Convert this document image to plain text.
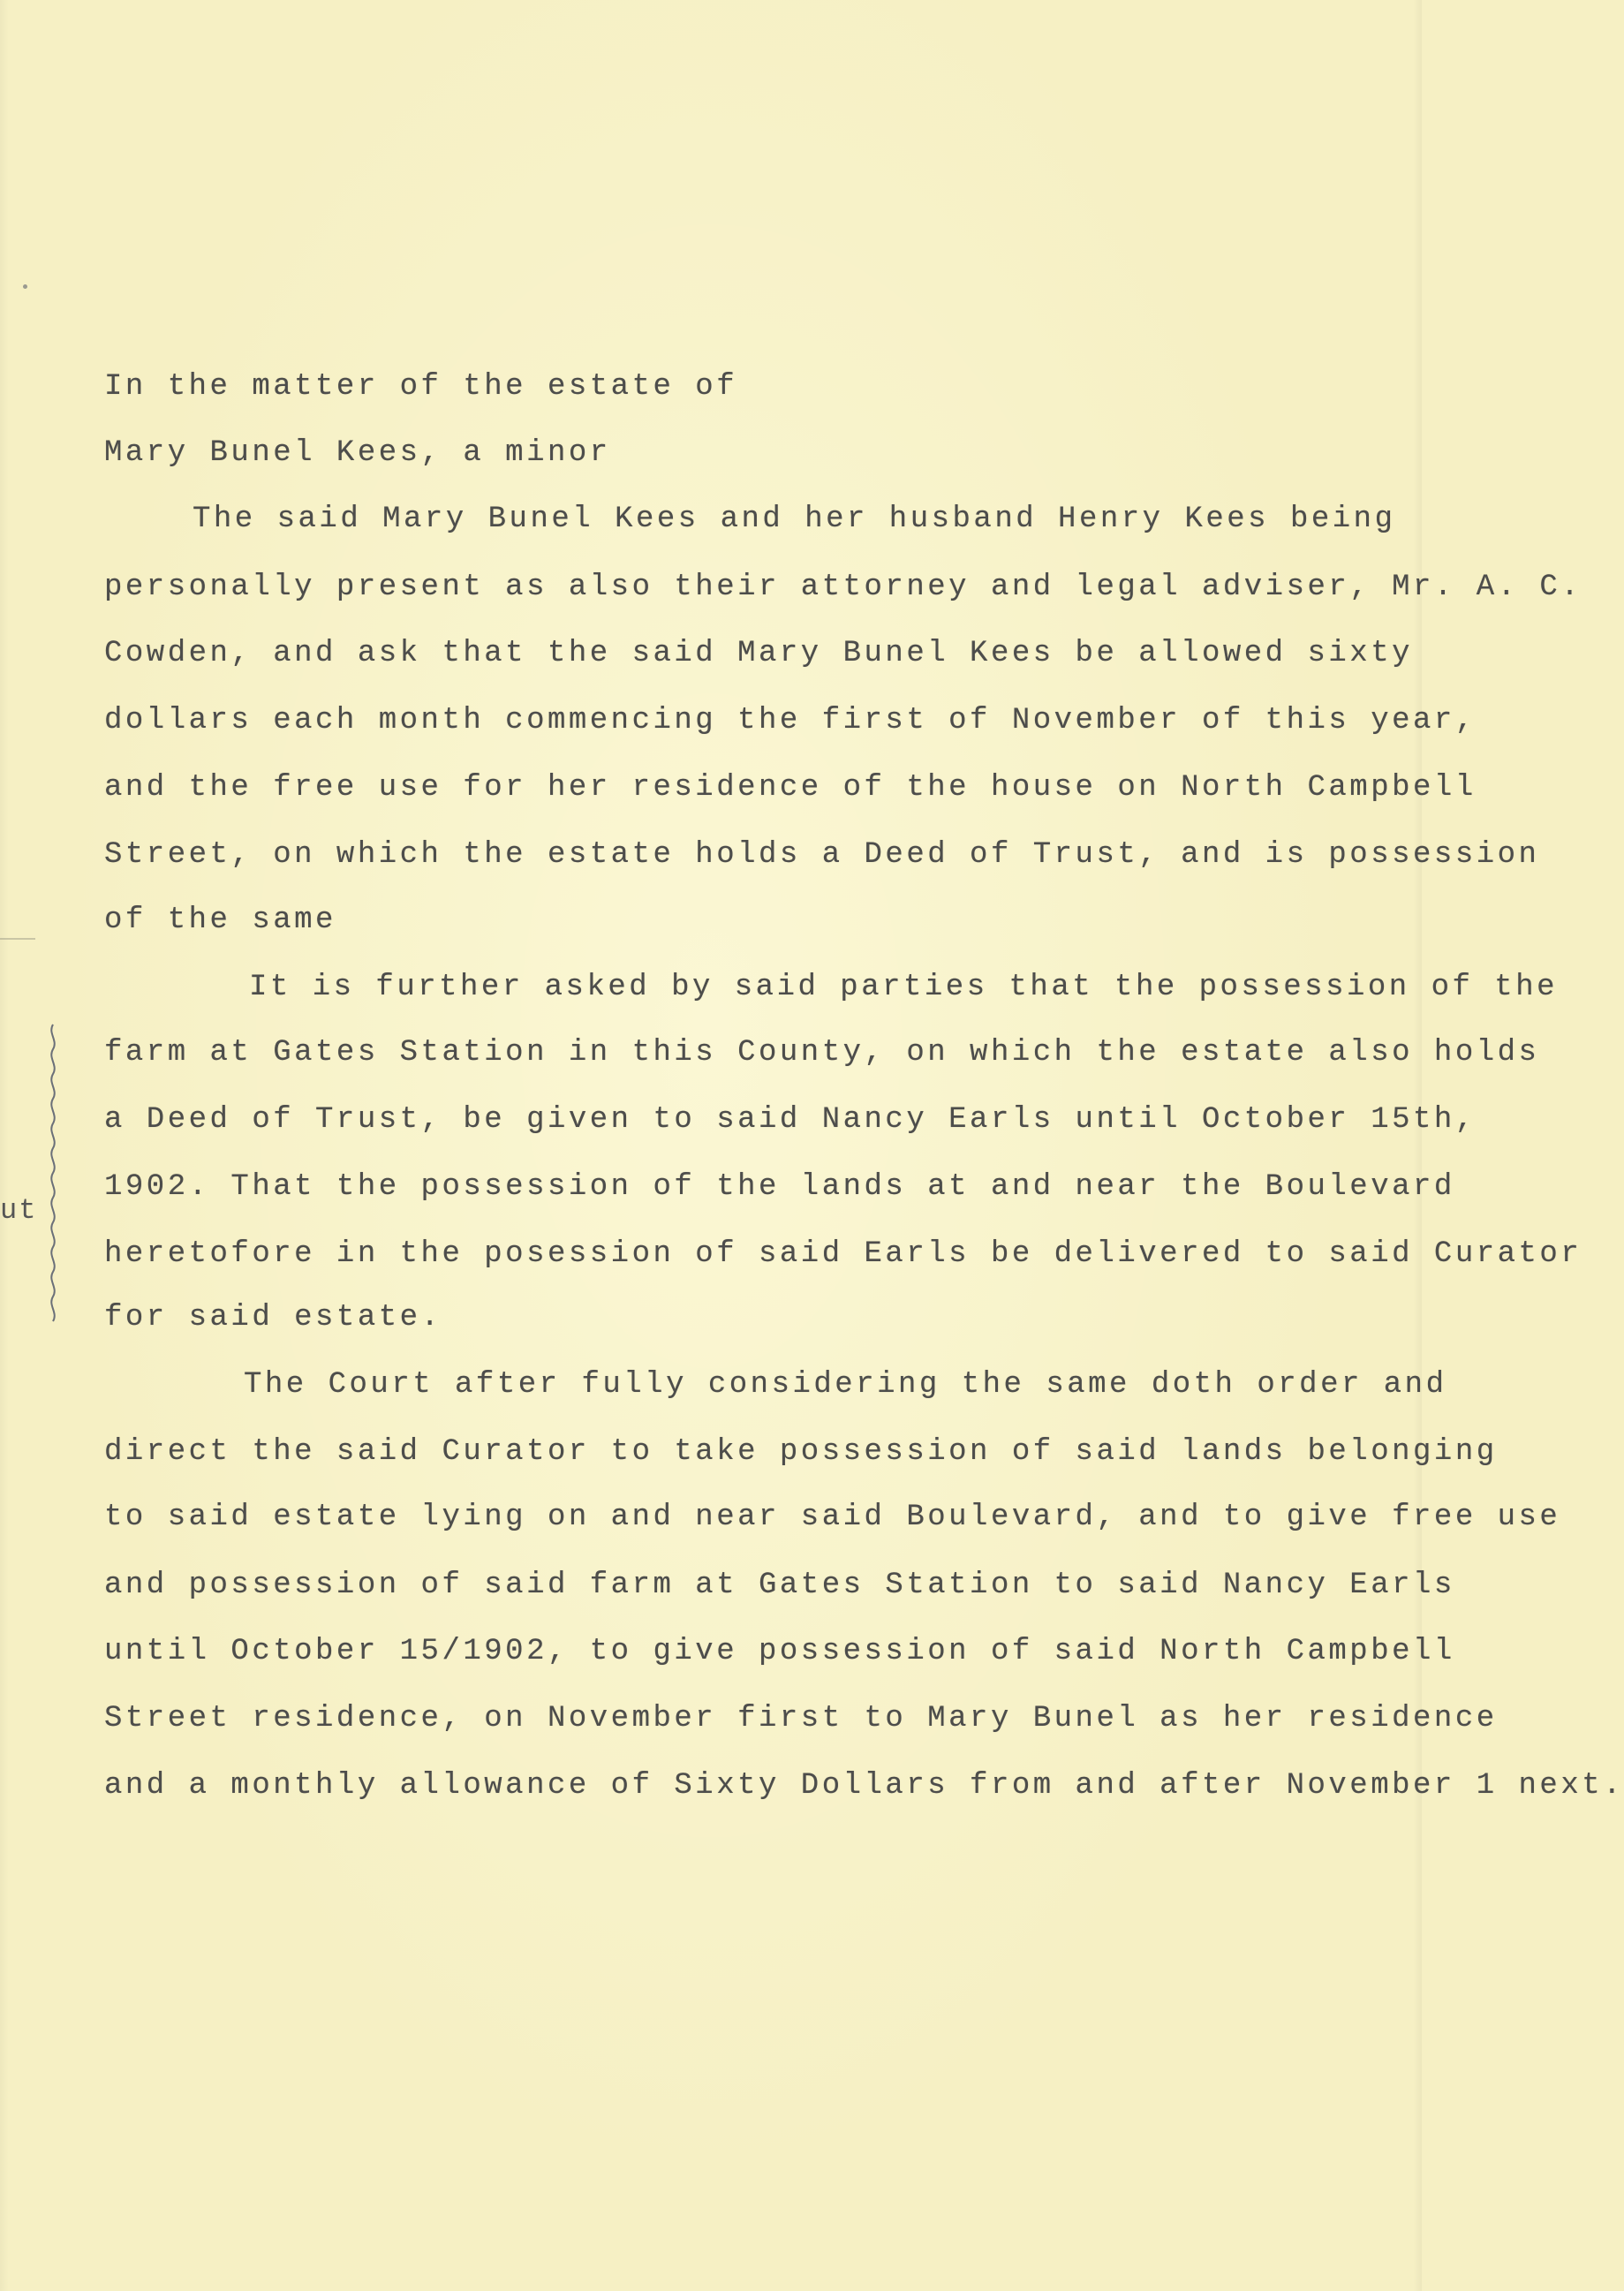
In the matter of the estate of
Mary Bunel Kees, a minor
The said Mary Bunel Kees and her husband Henry Kees being
personally present as also their attorney and legal adviser, Mr. A. C.
Cowden, and ask that the said Mary Bunel Kees be allowed sixty
dollars each month commencing the first of November of this year,
and the free use for her residence of the house on North Campbell
Street, on which the estate holds a Deed of Trust, and is possession
of the same
It is further asked by said parties that the possession of the
farm at Gates Station in this County, on which the estate also holds
a Deed of Trust, be given to said Nancy Earls until October 15th,
1902. That the possession of the lands at and near the Boulevard
heretofore in the posession of said Earls be delivered to said Curator
for said estate.
The Court after fully considering the same doth order and
direct the said Curator to take possession of said lands belonging
to said estate lying on and near said Boulevard, and to give free use
and possession of said farm at Gates Station to said Nancy Earls
until October 15/1902, to give possession of said North Campbell
Street residence, on November first to Mary Bunel as her residence
and a monthly allowance of Sixty Dollars from and after November 1 next.
ut
